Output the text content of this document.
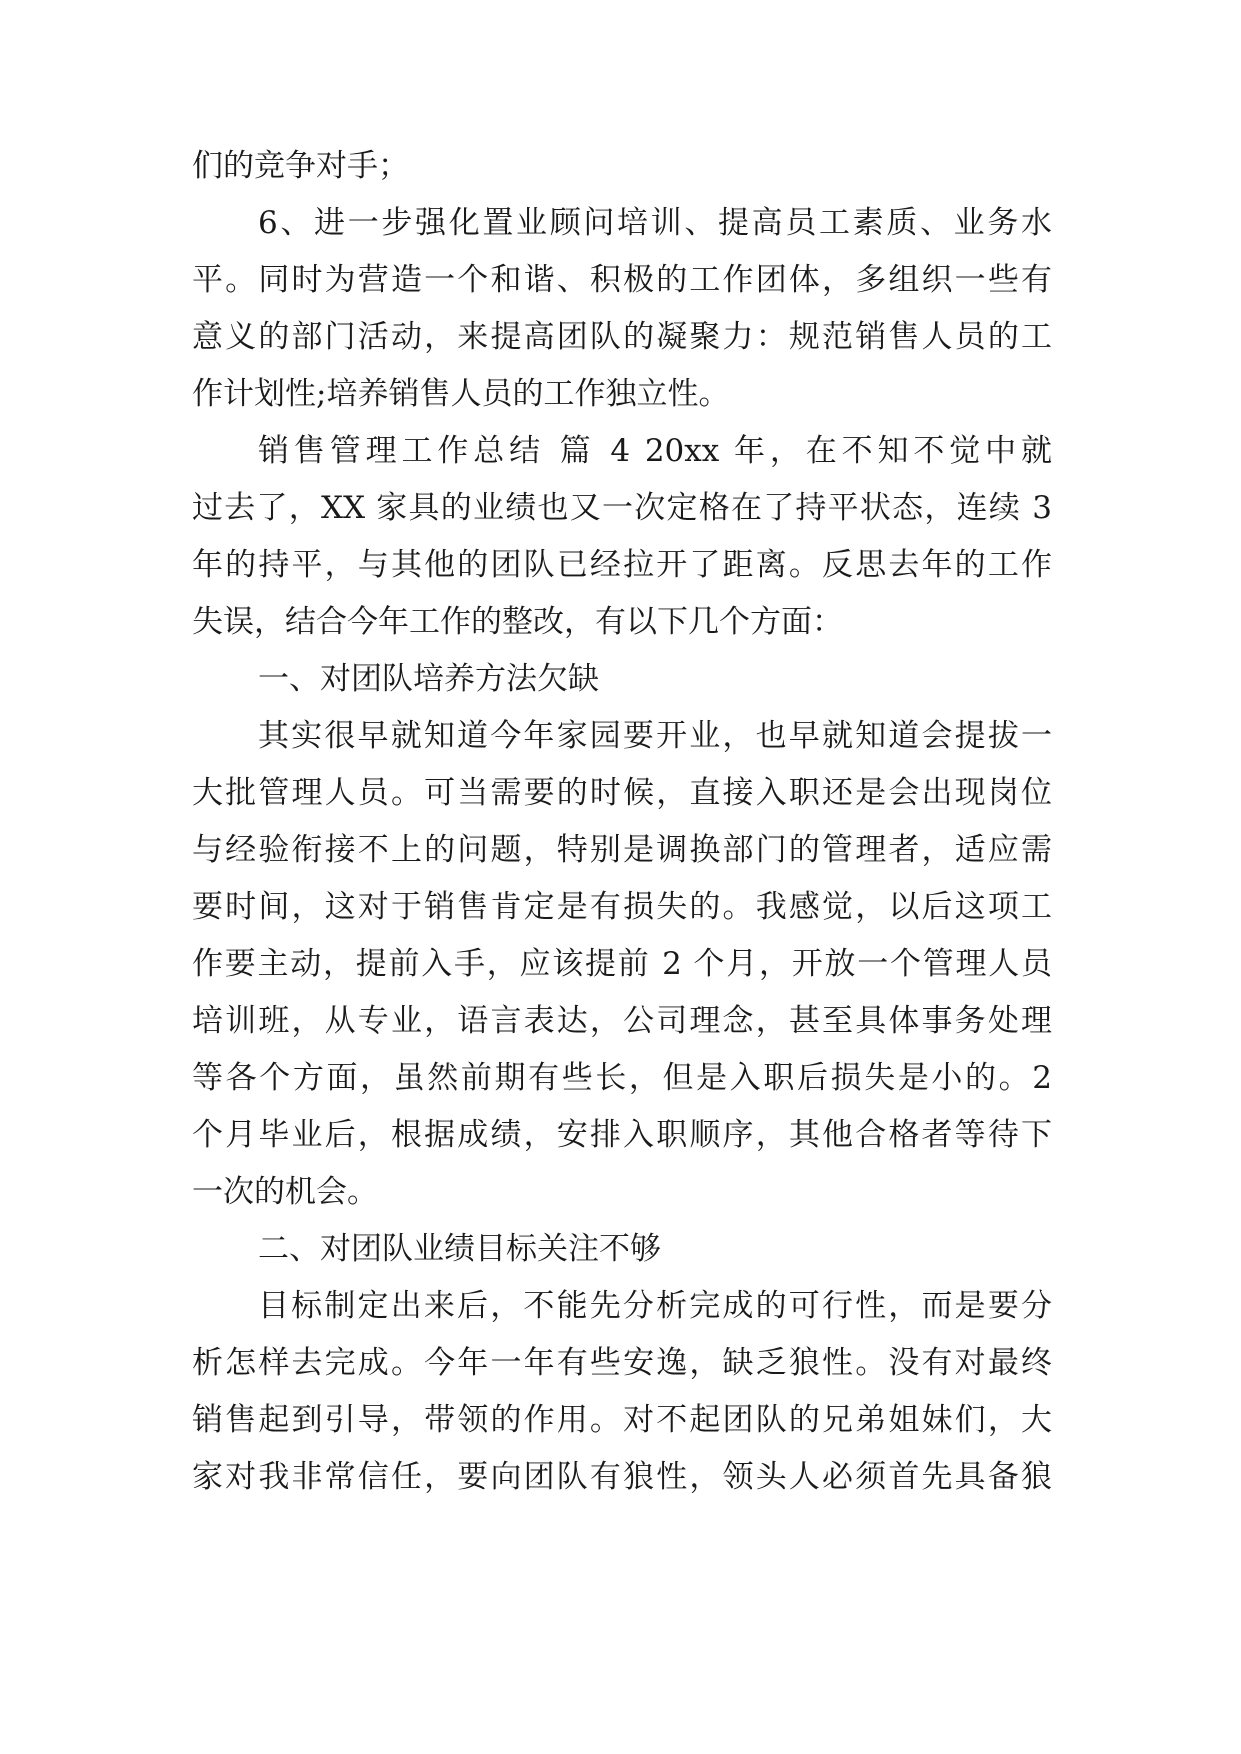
们的竞争对手；
6、进一步强化置业顾问培训、提高员工素质、业务水
平。同时为营造一个和谐、积极的工作团体，多组织一些有
意义的部门活动，来提高团队的凝聚力：规范销售人员的工
作计划性;培养销售人员的工作独立性。
销售管理工作总结 篇 4 20xx 年，在不知不觉中就
过去了，XX 家具的业绩也又一次定格在了持平状态，连续 3
年的持平，与其他的团队已经拉开了距离。反思去年的工作
失误，结合今年工作的整改，有以下几个方面：
一、对团队培养方法欠缺
其实很早就知道今年家园要开业，也早就知道会提拔一
大批管理人员。可当需要的时候，直接入职还是会出现岗位
与经验衔接不上的问题，特别是调换部门的管理者，适应需
要时间，这对于销售肯定是有损失的。我感觉，以后这项工
作要主动，提前入手，应该提前 2 个月，开放一个管理人员
培训班，从专业，语言表达，公司理念，甚至具体事务处理
等各个方面，虽然前期有些长，但是入职后损失是小的。2
个月毕业后，根据成绩，安排入职顺序，其他合格者等待下
一次的机会。
二、对团队业绩目标关注不够
目标制定出来后，不能先分析完成的可行性，而是要分
析怎样去完成。今年一年有些安逸，缺乏狼性。没有对最终
销售起到引导，带领的作用。对不起团队的兄弟姐妹们，大
家对我非常信任，要向团队有狼性，领头人必须首先具备狼
